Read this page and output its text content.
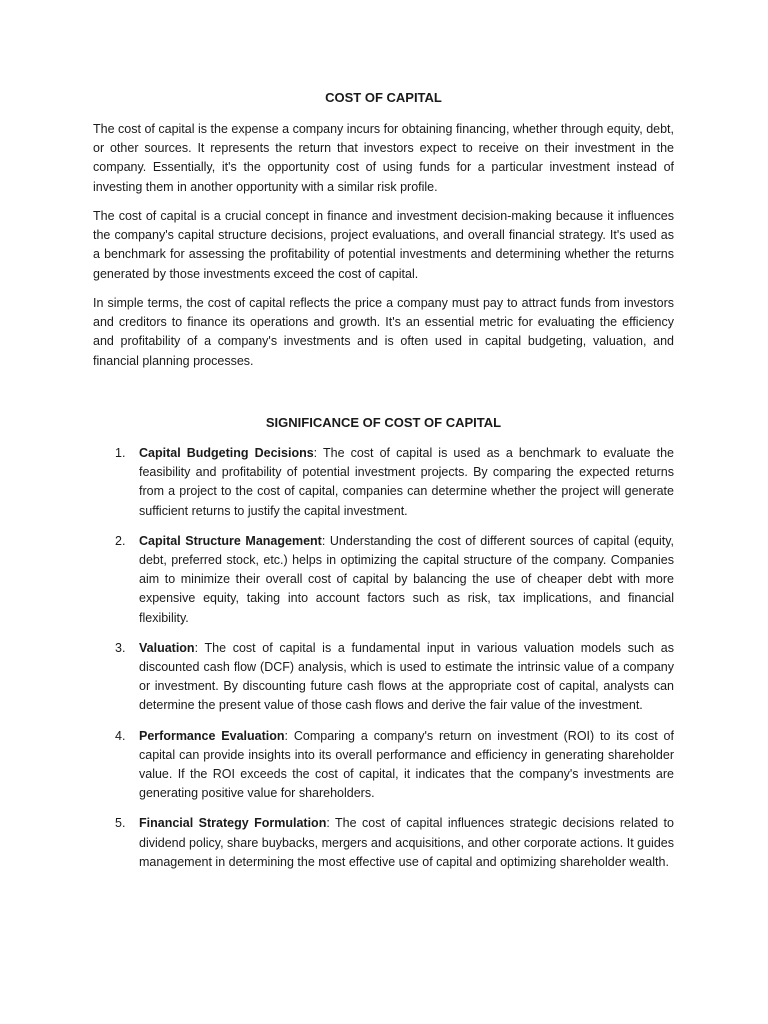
COST OF CAPITAL

The cost of capital is the expense a company incurs for obtaining financing, whether through equity, debt, or other sources. It represents the return that investors expect to receive on their investment in the company. Essentially, it's the opportunity cost of using funds for a particular investment instead of investing them in another opportunity with a similar risk profile.

The cost of capital is a crucial concept in finance and investment decision-making because it influences the company's capital structure decisions, project evaluations, and overall financial strategy. It's used as a benchmark for assessing the profitability of potential investments and determining whether the returns generated by those investments exceed the cost of capital.

In simple terms, the cost of capital reflects the price a company must pay to attract funds from investors and creditors to finance its operations and growth. It's an essential metric for evaluating the efficiency and profitability of a company's investments and is often used in capital budgeting, valuation, and financial planning processes.

SIGNIFICANCE OF COST OF CAPITAL
1. Capital Budgeting Decisions: The cost of capital is used as a benchmark to evaluate the feasibility and profitability of potential investment projects. By comparing the expected returns from a project to the cost of capital, companies can determine whether the project will generate sufficient returns to justify the capital investment.
2. Capital Structure Management: Understanding the cost of different sources of capital (equity, debt, preferred stock, etc.) helps in optimizing the capital structure of the company. Companies aim to minimize their overall cost of capital by balancing the use of cheaper debt with more expensive equity, taking into account factors such as risk, tax implications, and financial flexibility.
3. Valuation: The cost of capital is a fundamental input in various valuation models such as discounted cash flow (DCF) analysis, which is used to estimate the intrinsic value of a company or investment. By discounting future cash flows at the appropriate cost of capital, analysts can determine the present value of those cash flows and derive the fair value of the investment.
4. Performance Evaluation: Comparing a company's return on investment (ROI) to its cost of capital can provide insights into its overall performance and efficiency in generating shareholder value. If the ROI exceeds the cost of capital, it indicates that the company's investments are generating positive value for shareholders.
5. Financial Strategy Formulation: The cost of capital influences strategic decisions related to dividend policy, share buybacks, mergers and acquisitions, and other corporate actions. It guides management in determining the most effective use of capital and optimizing shareholder wealth.
